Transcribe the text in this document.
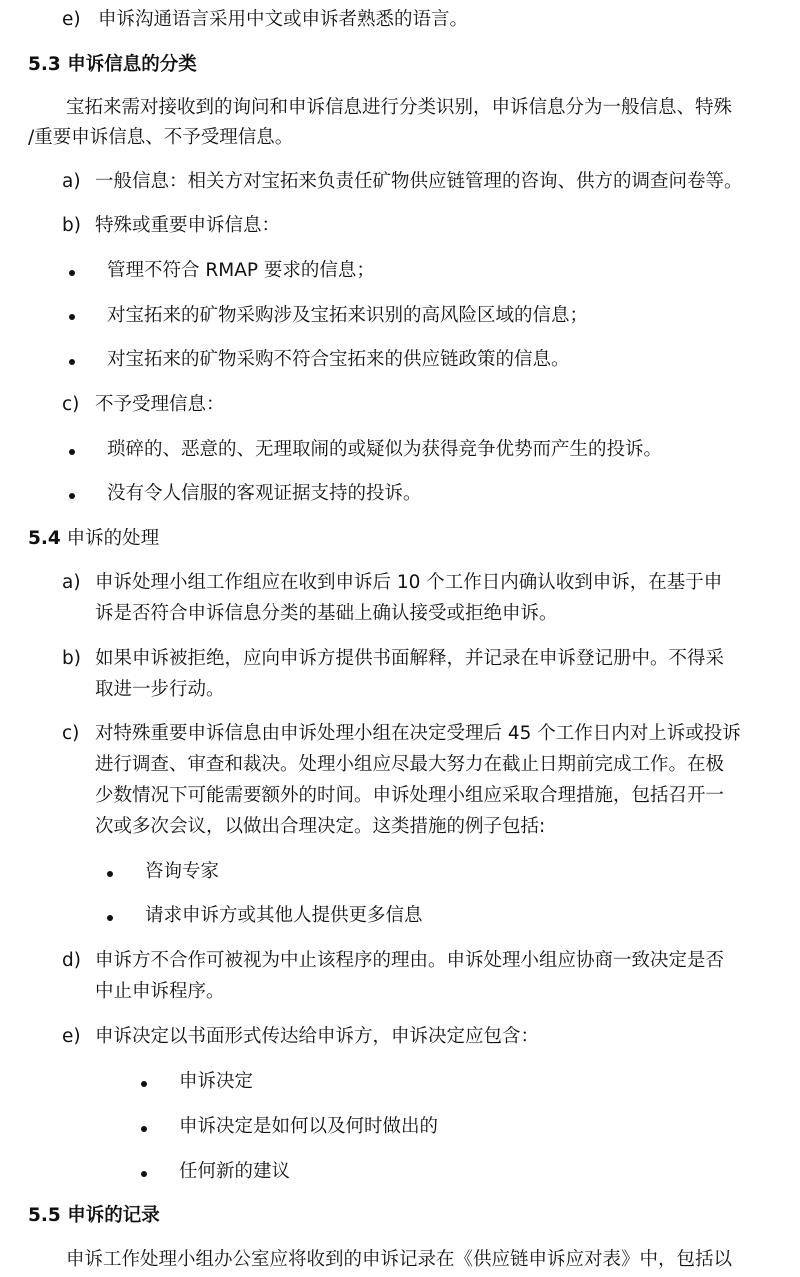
e) 申诉沟通语言采用中文或申诉者熟悉的语言。
5.3 申诉信息的分类
宝拓来需对接收到的询问和申诉信息进行分类识别，申诉信息分为一般信息、特殊
/重要申诉信息、不予受理信息。
a) 一般信息：相关方对宝拓来负责任矿物供应链管理的咨询、供方的调查问卷等。
b) 特殊或重要申诉信息：
管理不符合 RMAP 要求的信息；
对宝拓来的矿物采购涉及宝拓来识别的高风险区域的信息；
对宝拓来的矿物采购不符合宝拓来的供应链政策的信息。
c) 不予受理信息：
琐碎的、恶意的、无理取闹的或疑似为获得竞争优势而产生的投诉。
没有令人信服的客观证据支持的投诉。
5.4 申诉的处理
a) 申诉处理小组工作组应在收到申诉后 10 个工作日内确认收到申诉，在基于申
诉是否符合申诉信息分类的基础上确认接受或拒绝申诉。
b) 如果申诉被拒绝，应向申诉方提供书面解释，并记录在申诉登记册中。不得采
取进一步行动。
c) 对特殊重要申诉信息由申诉处理小组在决定受理后 45 个工作日内对上诉或投诉
进行调查、审查和裁决。处理小组应尽最大努力在截止日期前完成工作。在极
少数情况下可能需要额外的时间。申诉处理小组应采取合理措施，包括召开一
次或多次会议，以做出合理决定。这类措施的例子包括:
咨询专家
请求申诉方或其他人提供更多信息
d) 申诉方不合作可被视为中止该程序的理由。申诉处理小组应协商一致决定是否
中止申诉程序。
e) 申诉决定以书面形式传达给申诉方，申诉决定应包含：
申诉决定
申诉决定是如何以及何时做出的
任何新的建议
5.5 申诉的记录
申诉工作处理小组办公室应将收到的申诉记录在《供应链申诉应对表》中，包括以
